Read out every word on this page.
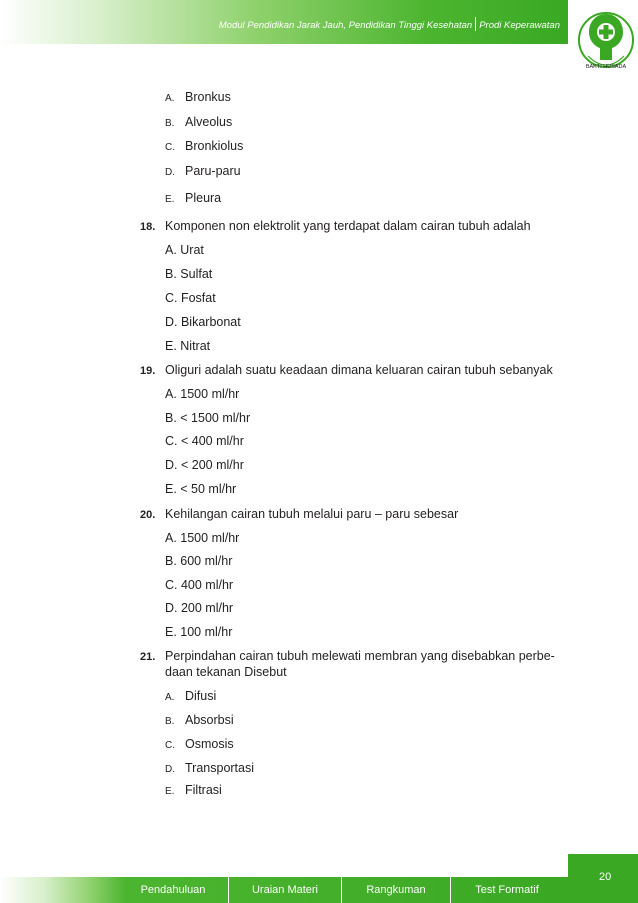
Modul Pendidikan Jarak Jauh, Pendidikan Tinggi Kesehatan Prodi Keperawatan
BAKTI HUSADA
A. Bronkus
B. Alveolus
C. Bronkiolus
D. Paru-paru
E. Pleura
18. Komponen non elektrolit yang terdapat dalam cairan tubuh adalah
A. Urat
B. Sulfat
C. Fosfat
D. Bikarbonat
E. Nitrat
19. Oliguri adalah suatu keadaan dimana keluaran cairan tubuh sebanyak
A. 1500 ml/hr
B. < 1500 ml/hr
C. < 400 ml/hr
D. < 200 ml/hr
E. < 50 ml/hr
20. Kehilangan cairan tubuh melalui paru – paru sebesar
A. 1500 ml/hr
B. 600 ml/hr
C. 400 ml/hr
D. 200 ml/hr
E. 100 ml/hr
21. Perpindahan cairan tubuh melewati membran yang disebabkan perbe-
daan tekanan Disebut
A. Difusi
B. Absorbsi
C. Osmosis
D. Transportasi
E. Filtrasi
20
Pendahuluan	Uraian Materi	Rangkuman	Test Formatif
